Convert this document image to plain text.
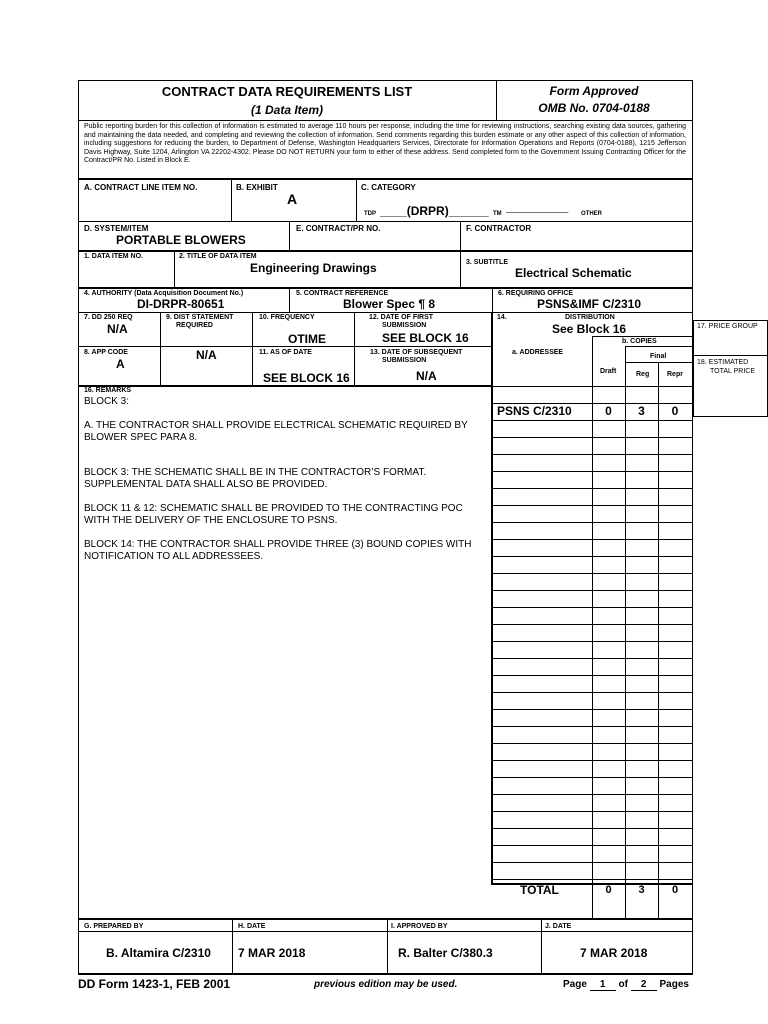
CONTRACT DATA REQUIREMENTS LIST
(1 Data Item)
Form Approved
OMB No. 0704-0188
Public reporting burden for this collection of information is estimated to average 110 hours per response, including the time for reviewing instructions, searching existing data sources, gathering and maintaining the data needed, and completing and reviewing the collection of information. Send comments regarding this burden estimate or any other aspect of this collection of information, including suggestions for reducing the burden, to Department of Defense, Washington Headquarters Services, Directorate for Information Operations and Reports (0704-0188), 1215 Jefferson Davis Highway, Suite 1204, Arlington VA 22202-4302. Please DO NOT RETURN your form to either of these address. Send completed form to the Government Issuing Contracting Officer for the Contract/PR No. Listed in Block E.
A. CONTRACT LINE ITEM NO.	B. EXHIBIT
A
C. CATEGORY
TDP ____(DRPR)______ TM
______________
OTHER
D. SYSTEM/ITEM
PORTABLE BLOWERS
E. CONTRACT/PR NO.	F. CONTRACTOR
1. DATA ITEM NO.	2. TITLE OF DATA ITEM
Engineering Drawings	3. SUBTITLE
Electrical Schematic
4. AUTHORITY (Data Acquisition Document No.)
DI-DRPR-80651
5. CONTRACT REFERENCE
Blower Spec ¶ 8
6. REQUIRING OFFICE
PSNS&IMF C/2310
7. DD 250 REQ
N/A
9. DIST STATEMENT
REQUIRED
N/A
10. FREQUENCY
OTIME
12. DATE OF FIRST
SUBMISSION
SEE BLOCK 16
14.	DISTRIBUTION
See Block 16
b. COPIES
Final
8. APP CODE
A
11. AS OF DATE
SEE BLOCK 16
13. DATE OF SUBSEQUENT
SUBMISSION
N/A
a. ADDRESSEE
Draft	Reg	Repr
17. PRICE GROUP
18. ESTIMATED
TOTAL PRICE
PSNS C/2310	0	3	0
16. REMARKS
BLOCK 3:
A. THE CONTRACTOR SHALL PROVIDE ELECTRICAL SCHEMATIC REQUIRED BY
BLOWER SPEC PARA 8.
BLOCK 3: THE SCHEMATIC SHALL BE IN THE CONTRACTOR’S FORMAT.
SUPPLEMENTAL DATA SHALL ALSO BE PROVIDED.
BLOCK 11 & 12: SCHEMATIC SHALL BE PROVIDED TO THE CONTRACTING POC
WITH THE DELIVERY OF THE ENCLOSURE TO PSNS.
BLOCK 14: THE CONTRACTOR SHALL PROVIDE THREE (3) BOUND COPIES WITH
NOTIFICATION TO ALL ADDRESSEES.
TOTAL	0	3	0
G. PREPARED BY
B. Altamira C/2310
H. DATE
7 MAR 2018
I. APPROVED BY
R. Balter C/380.3
J. DATE
7 MAR 2018
DD Form 1423-1, FEB 2001	previous edition may be used.	Page 1 of 2 Pages
